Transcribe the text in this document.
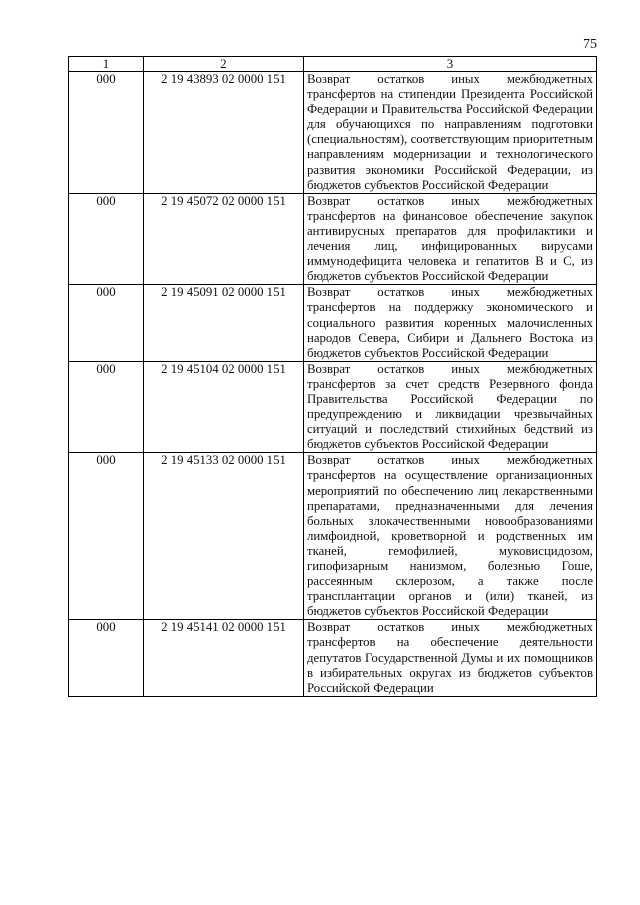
75
1	2	3
000	2 19 43893 02 0000 151	Возврат остатков иных межбюджетных трансфертов на стипендии Президента Российской Федерации и Правительства Российской Федерации для обучающихся по направлениям подготовки (специальностям), соответствующим приоритетным направлениям модернизации и технологического развития экономики Российской Федерации, из бюджетов субъектов Российской Федерации
000	2 19 45072 02 0000 151	Возврат остатков иных межбюджетных трансфертов на финансовое обеспечение закупок антивирусных препаратов для профилактики и лечения лиц, инфицированных вирусами иммунодефицита человека и гепатитов В и С, из бюджетов субъектов Российской Федерации
000	2 19 45091 02 0000 151	Возврат остатков иных межбюджетных трансфертов на поддержку экономического и социального развития коренных малочисленных народов Севера, Сибири и Дальнего Востока из бюджетов субъектов Российской Федерации
000	2 19 45104 02 0000 151	Возврат остатков иных межбюджетных трансфертов за счет средств Резервного фонда Правительства Российской Федерации по предупреждению и ликвидации чрезвычайных ситуаций и последствий стихийных бедствий из бюджетов субъектов Российской Федерации
000	2 19 45133 02 0000 151	Возврат остатков иных межбюджетных трансфертов на осуществление организационных мероприятий по обеспечению лиц лекарственными препаратами, предназначенными для лечения больных злокачественными новообразованиями лимфоидной, кроветворной и родственных им тканей, гемофилией, муковисцидозом, гипофизарным нанизмом, болезнью Гоше, рассеянным склерозом, а также после трансплантации органов и (или) тканей, из бюджетов субъектов Российской Федерации
000	2 19 45141 02 0000 151	Возврат остатков иных межбюджетных трансфертов на обеспечение деятельности депутатов Государственной Думы и их помощников в избирательных округах из бюджетов субъектов Российской Федерации
